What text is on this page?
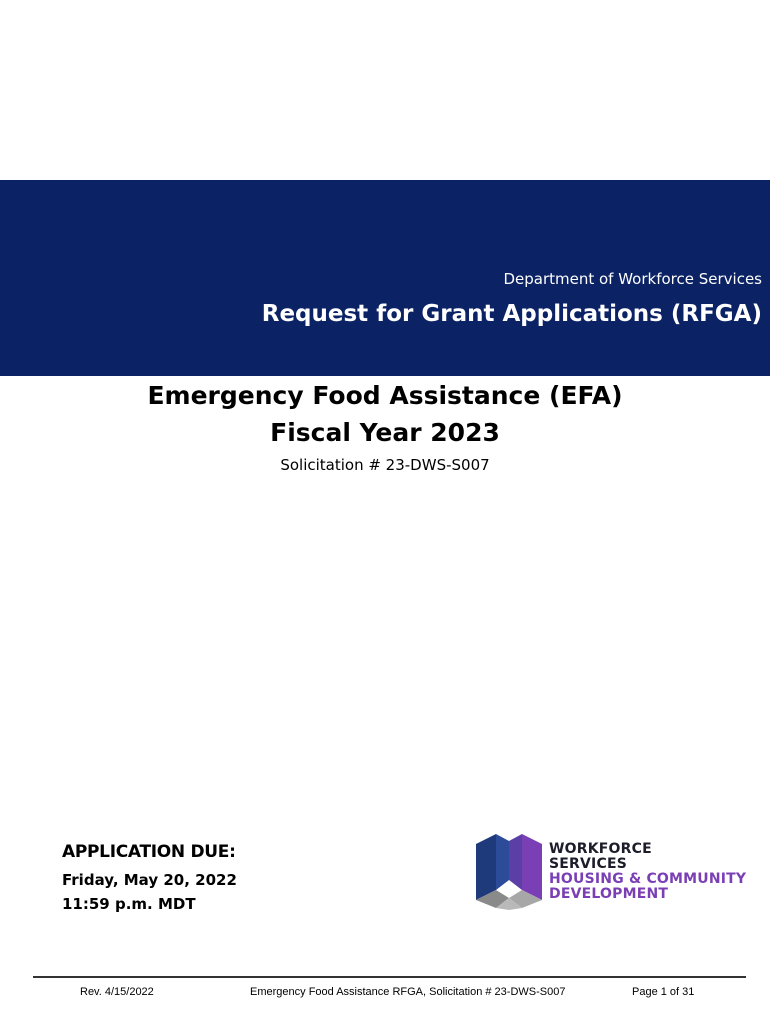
Department of Workforce Services
Request for Grant Applications (RFGA)
Emergency Food Assistance (EFA)
Fiscal Year 2023
Solicitation # 23-DWS-S007
APPLICATION DUE:
Friday, May 20, 2022
11:59 p.m. MDT
WORKFORCE
SERVICES
HOUSING & COMMUNITY
DEVELOPMENT
Rev. 4/15/2022	Emergency Food Assistance RFGA, Solicitation # 23-DWS-S007	Page 1 of 31
